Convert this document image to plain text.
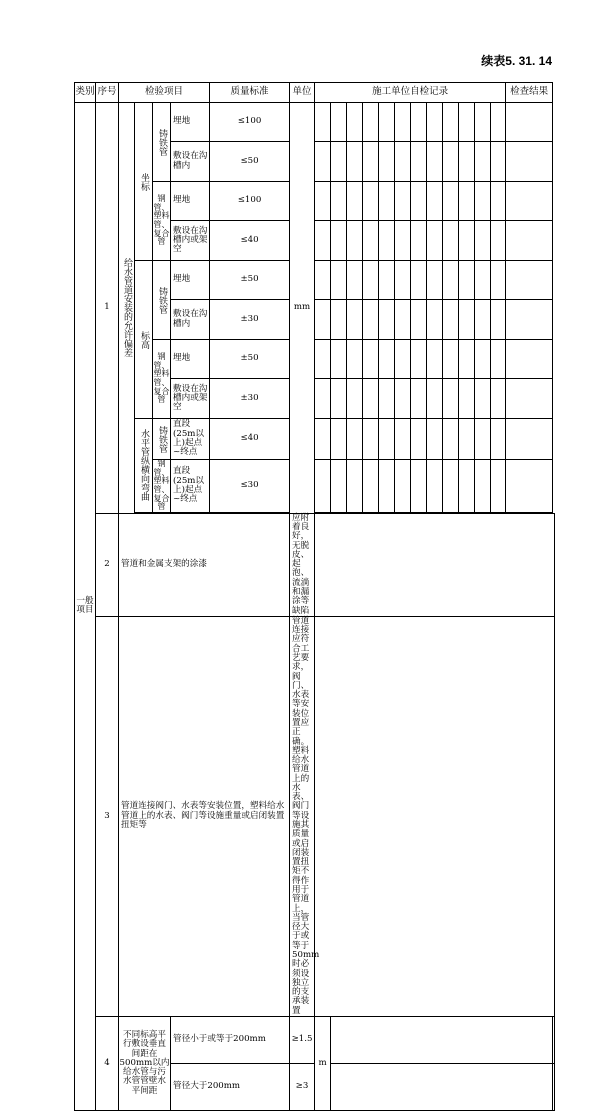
续表5. 31. 14
类别	序号	检验项目				质量标准	单位	施工单位自检记录												检查结果	
一般项目	1	给水管道安装的允许偏差	坐标	铸铁管	埋地	≤100	mm														
					敷设在沟槽内	≤50															
				钢管、塑料管、复合管	埋地	≤100															
					敷设在沟槽内或架空	≤40															

			标高	铸铁管	埋地	±50															
					敷设在沟槽内	±30															
				钢管、塑料管、复合管	埋地	±50															
					敷设在沟槽内或架空	±30															

			水平管纵横向弯曲	铸铁管	直段(25m以上)起点~终点	≤40															
				钢管、塑料管、复合管	直段(25m以上)起点~终点	≤30															

	2	管道和金属支架的涂漆					应附着良好，无脱皮、起泡、流淌和漏涂等缺陷														
	3	管道连接阀门、水表等安装位置，塑料给水管道上的水表、阀门等设施重量或启闭装置扭矩等					管道连接应符合工艺要求，阀门、水表等安装位置应正确。塑料给水管道上的水表、阀门等设施其质量或启闭装置扭矩不得作用于管道上，当管径大于或等于50mm时必须设独立的支承装置														
	4	不同标高平行敷设垂直间距在500mm以内给水管与污水管管壁水平间距			管径小于或等于200mm		≥1.5	m													
					管径大于200mm		≥3														
